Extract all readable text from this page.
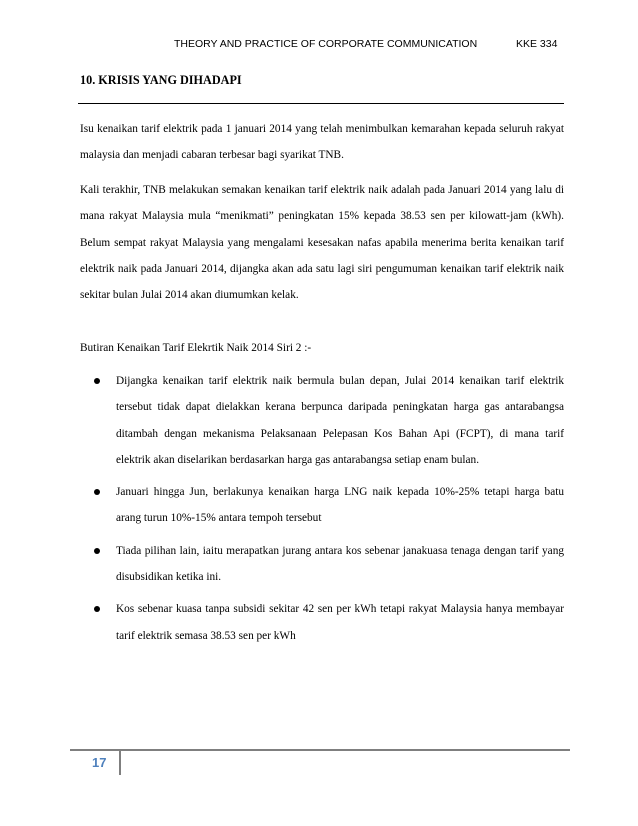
THEORY AND PRACTICE OF CORPORATE COMMUNICATION	KKE 334
10. KRISIS YANG DIHADAPI

Isu kenaikan tarif elektrik pada 1 januari 2014 yang telah menimbulkan kemarahan kepada seluruh rakyat malaysia dan menjadi cabaran terbesar bagi syarikat TNB.

Kali terakhir, TNB melakukan semakan kenaikan tarif elektrik naik adalah pada Januari 2014 yang lalu di mana rakyat Malaysia mula “menikmati” peningkatan 15% kepada 38.53 sen per kilowatt-jam (kWh). Belum sempat rakyat Malaysia yang mengalami kesesakan nafas apabila menerima berita kenaikan tarif elektrik naik pada Januari 2014, dijangka akan ada satu lagi siri pengumuman kenaikan tarif elektrik naik sekitar bulan Julai 2014 akan diumumkan kelak.

Butiran Kenaikan Tarif Elekrtik Naik 2014 Siri 2 :-

Dijangka kenaikan tarif elektrik naik bermula bulan depan, Julai 2014 kenaikan tarif elektrik tersebut tidak dapat dielakkan kerana berpunca daripada peningkatan harga gas antarabangsa ditambah dengan mekanisma Pelaksanaan Pelepasan Kos Bahan Api (FCPT), di mana tarif elektrik akan diselarikan berdasarkan harga gas antarabangsa setiap enam bulan.
Januari hingga Jun, berlakunya kenaikan harga LNG naik kepada 10%-25% tetapi harga batu arang turun 10%-15% antara tempoh tersebut
Tiada pilihan lain, iaitu merapatkan jurang antara kos sebenar janakuasa tenaga dengan tarif yang disubsidikan ketika ini.
Kos sebenar kuasa tanpa subsidi sekitar 42 sen per kWh tetapi rakyat Malaysia hanya membayar tarif elektrik semasa 38.53 sen per kWh
17
